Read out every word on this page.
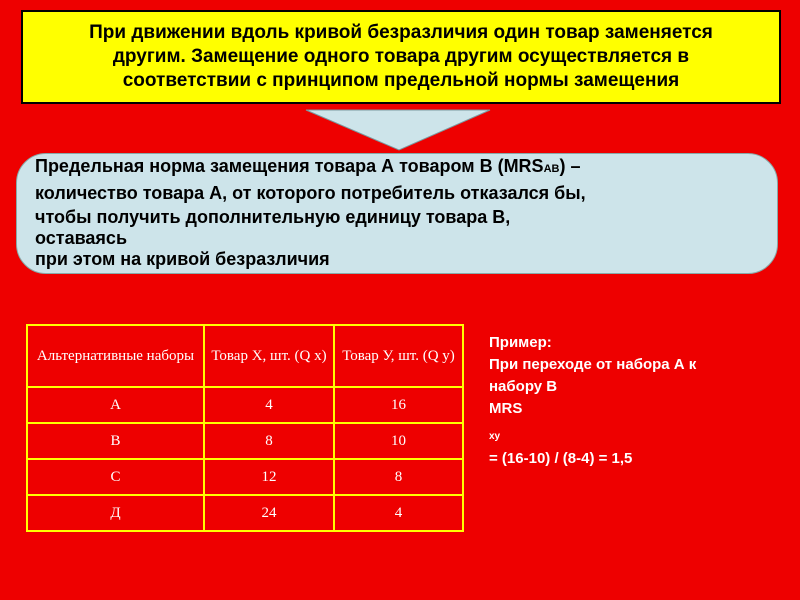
При движении вдоль кривой безразличия один товар заменяется
другим. Замещение одного товара другим осуществляется в
соответствии с принципом предельной нормы замещения
Предельная норма замещения товара А товаром В (MRSАВ) –
количество товара А, от которого потребитель отказался бы,
чтобы получить дополнительную единицу товара В,
оставаясь
при этом на кривой безразличия
Альтернативные наборы	Товар Х, шт. (Q х)	Товар У, шт. (Q у)
А	4	16
В	8	10
С	12	8
Д	24	4
Пример:
При переходе от набора А к
набору В
MRS
$_{xy}$
= (16-10) / (8-4) = 1,5
